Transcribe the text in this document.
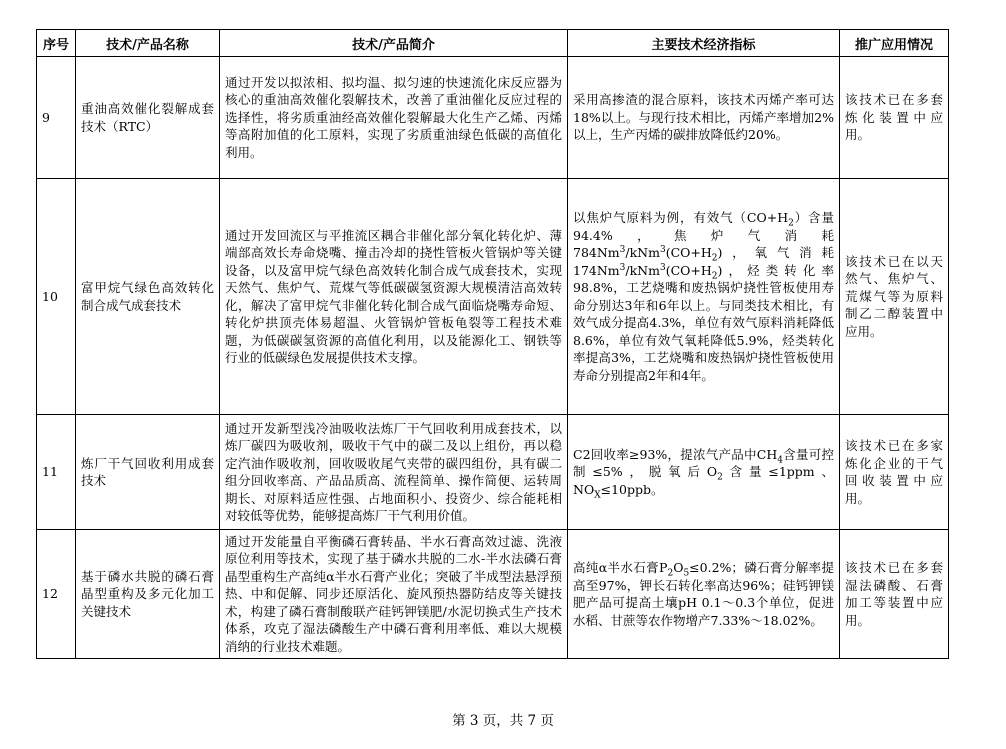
序号	技术/产品名称	技术/产品简介	主要技术经济指标	推广应用情况
9	重油高效催化裂解成套技术（RTC）	通过开发以拟浓相、拟均温、拟匀速的快速流化床反应器为核心的重油高效催化裂解技术，改善了重油催化反应过程的选择性，将劣质重油经高效催化裂解最大化生产乙烯、丙烯等高附加值的化工原料，实现了劣质重油绿色低碳的高值化利用。	采用高掺渣的混合原料，该技术丙烯产率可达18%以上。与现行技术相比，丙烯产率增加2%以上，生产丙烯的碳排放降低约20%。	该技术已在多套炼化装置中应用。
10	富甲烷气绿色高效转化制合成气成套技术	通过开发回流区与平推流区耦合非催化部分氧化转化炉、薄端部高效长寿命烧嘴、撞击冷却的挠性管板火管锅炉等关键设备，以及富甲烷气绿色高效转化制合成气成套技术，实现天然气、焦炉气、荒煤气等低碳碳氢资源大规模清洁高效转化，解决了富甲烷气非催化转化制合成气面临烧嘴寿命短、转化炉拱顶壳体易超温、火管锅炉管板龟裂等工程技术难题，为低碳碳氢资源的高值化利用，以及能源化工、钢铁等行业的低碳绿色发展提供技术支撑。	以焦炉气原料为例，有效气$(CO+H_2)$含量 94.4%，焦炉气消耗 $784Nm^3/kNm^3(CO+H_2)$，氧气消耗 $174Nm^3/kNm^3(CO+H_2)$，烃类转化率 98.8%，工艺烧嘴和废热锅炉挠性管板使用寿命分别达3年和6年以上。与同类技术相比，有效气成分提高4.3%，单位有效气原料消耗降低8.6%，单位有效气氧耗降低5.9%，烃类转化率提高3%，工艺烧嘴和废热锅炉挠性管板使用寿命分别提高2年和4年。	该技术已在以天然气、焦炉气、荒煤气等为原料制乙二醇装置中应用。
11	炼厂干气回收利用成套技术	通过开发新型浅冷油吸收法炼厂干气回收利用成套技术，以炼厂碳四为吸收剂，吸收干气中的碳二及以上组份，再以稳定汽油作吸收剂，回收吸收尾气夹带的碳四组份，具有碳二组分回收率高、产品品质高、流程简单、操作简便、运转周期长、对原料适应性强、占地面积小、投资少、综合能耗相对较低等优势，能够提高炼厂干气利用价值。	C2回收率≥93%，提浓气产品中$CH_4$含量可控制≤5%，脱氧后$O_2$含量≤1ppm、$NO_X\le 10ppb$。	该技术已在多家炼化企业的干气回收装置中应用。
12	基于磷水共脱的磷石膏晶型重构及多元化加工关键技术	通过开发能量自平衡磷石膏转晶、半水石膏高效过滤、洗液原位利用等技术，实现了基于磷水共脱的二水-半水法磷石膏晶型重构生产高纯α半水石膏产业化；突破了半成型法悬浮预热、中和促解、同步还原活化、旋风预热器防结皮等关键技术，构建了磷石膏制酸联产硅钙钾镁肥/水泥切换式生产技术体系，攻克了湿法磷酸生产中磷石膏利用率低、难以大规模消纳的行业技术难题。	高纯α半水石膏$P_2O_5\le 0.2\%$；磷石膏分解率提高至97%，钾长石转化率高达96%；硅钙钾镁肥产品可提高土壤pH 0.1～0.3个单位，促进水稻、甘蔗等农作物增产7.33%～18.02%。	该技术已在多套湿法磷酸、石膏加工等装置中应用。
第 3 页，共 7 页
